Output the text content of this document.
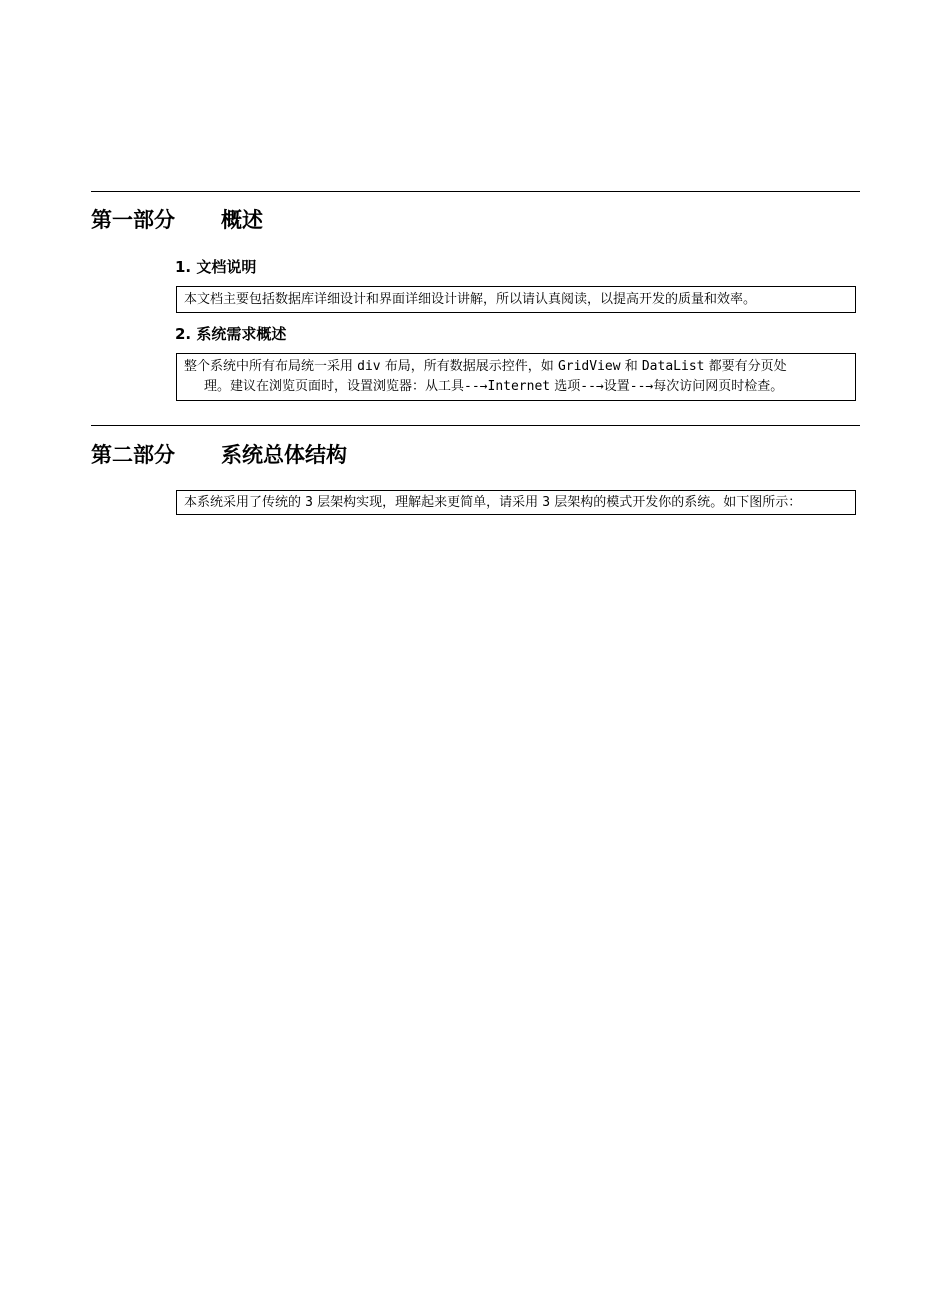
第一部分 概述
1. 文档说明

本文档主要包括数据库详细设计和界面详细设计讲解，所以请认真阅读，以提高开发的质量和效率。

2. 系统需求概述

整个系统中所有布局统一采用 div 布局，所有数据展示控件，如 GridView 和 DataList 都要有分页处

理。建议在浏览页面时，设置浏览器：从工具--→Internet 选项--→设置--→每次访问网页时检查。

第二部分 系统总体结构

本系统采用了传统的 3 层架构实现，理解起来更简单，请采用 3 层架构的模式开发你的系统。如下图所示：
